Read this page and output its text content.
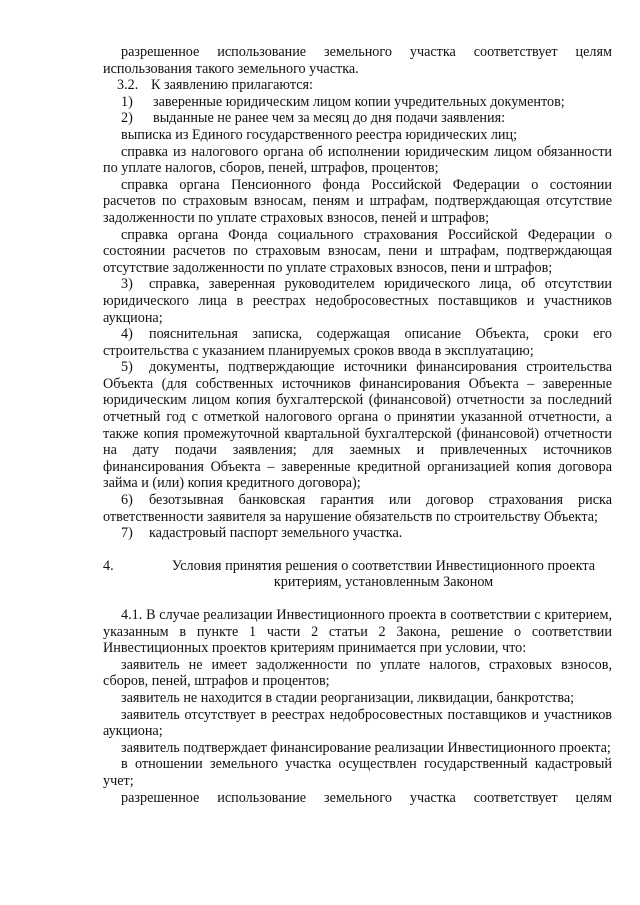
разрешенное использование земельного участка соответствует целям использования такого земельного участка.

3.2. К заявлению прилагаются:
1)	заверенные юридическим лицом копии учредительных документов;
2)	выданные не ранее чем за месяц до дня подачи заявления:

выписка из Единого государственного реестра юридических лиц;

справка из налогового органа об исполнении юридическим лицом обязанности по уплате налогов, сборов, пеней, штрафов, процентов;

справка органа Пенсионного фонда Российской Федерации о состоянии расчетов по страховым взносам, пеням и штрафам, подтверждающая отсутствие задолженности по уплате страховых взносов, пеней и штрафов;

справка органа Фонда социального страхования Российской Федерации о состоянии расчетов по страховым взносам, пени и штрафам, подтверждающая отсутствие задолженности по уплате страховых взносов, пени и штрафов;

3) справка, заверенная руководителем юридического лица, об отсутствии юридического лица в реестрах недобросовестных поставщиков и участников аукциона;

4) пояснительная записка, содержащая описание Объекта, сроки его строительства с указанием планируемых сроков ввода в эксплуатацию;

5) документы, подтверждающие источники финансирования строительства Объекта (для собственных источников финансирования Объекта – заверенные юридическим лицом копия бухгалтерской (финансовой) отчетности за последний отчетный год с отметкой налогового органа о принятии указанной отчетности, а также копия промежуточной квартальной бухгалтерской (финансовой) отчетности на дату подачи заявления; для заемных и привлеченных источников финансирования Объекта – заверенные кредитной организацией копия договора займа и (или) копия кредитного договора);

6) безотзывная банковская гарантия или договор страхования риска ответственности заявителя за нарушение обязательств по строительству Объекта;

7) кадастровый паспорт земельного участка.

4.	Условия принятия решения о соответствии Инвестиционного проекта
критериям, установленным Законом

4.1. В случае реализации Инвестиционного проекта в соответствии с критерием, указанным в пункте 1 части 2 статьи 2 Закона, решение о соответствии Инвестиционных проектов критериям принимается при условии, что:

заявитель не имеет задолженности по уплате налогов, страховых взносов, сборов, пеней, штрафов и процентов;

заявитель не находится в стадии реорганизации, ликвидации, банкротства;

заявитель отсутствует в реестрах недобросовестных поставщиков и участников аукциона;

заявитель подтверждает финансирование реализации Инвестиционного проекта;

в отношении земельного участка осуществлен государственный кадастровый учет;

разрешенное использование земельного участка соответствует целям
